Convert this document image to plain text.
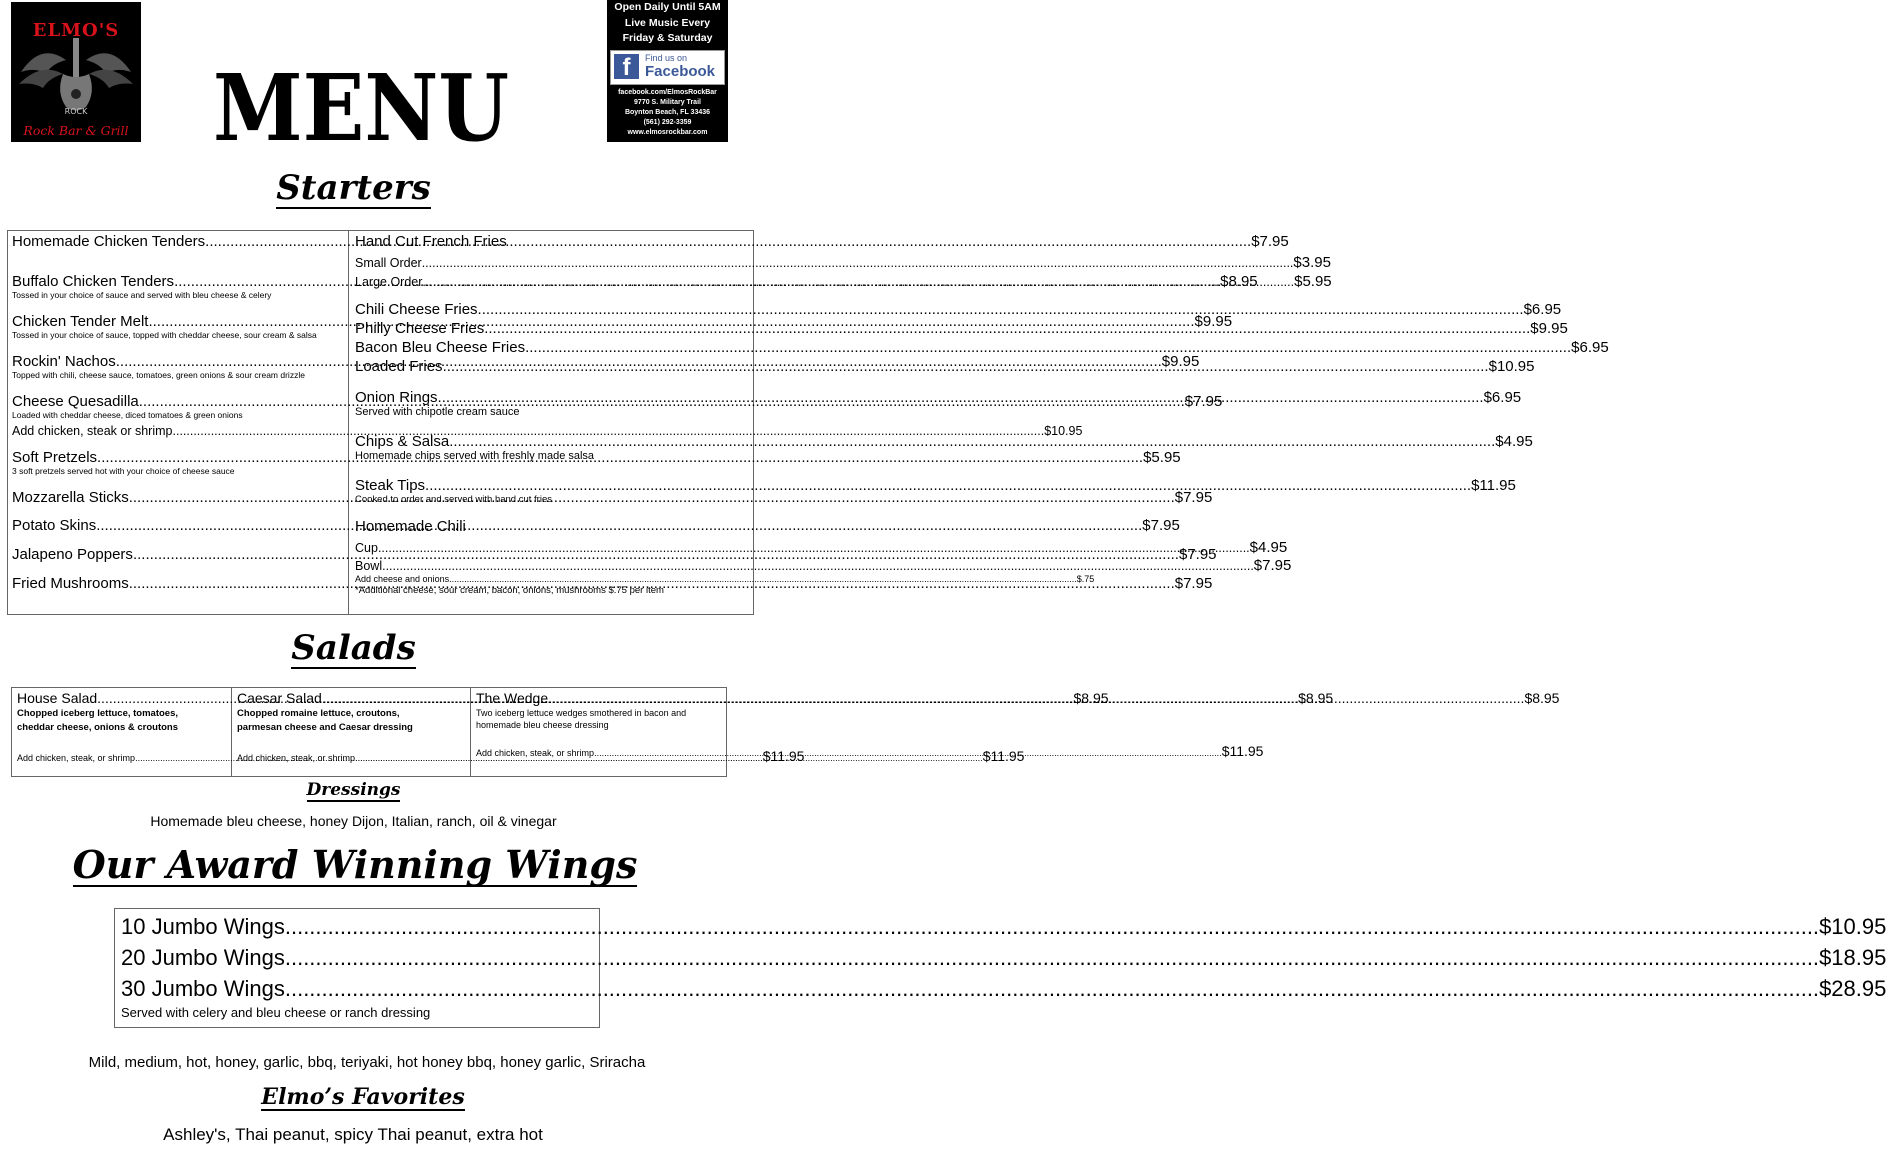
ROCK
ELMO'S
Rock Bar & Grill MENU
Open Daily Until 5AM
Live Music Every
Friday & Saturday
f	Find us on
Facebook
facebook.com/ElmosRockBar
9770 S. Military Trail
Boynton Beach, FL 33436
(561) 292-3359
www.elmosrockbar.com
Starters
Homemade Chicken Tenders .....	$7.95
Buffalo Chicken Tenders .....	$8.95
Tossed in your choice of sauce and served with bleu cheese & celery
Chicken Tender Melt .....	$9.95
Tossed in your choice of sauce, topped with cheddar cheese, sour cream & salsa
Rockin' Nachos .....	$9.95
Topped with chili, cheese sauce, tomatoes, green onions & sour cream drizzle
Cheese Quesadilla .....	$7.95
Loaded with cheddar cheese, diced tomatoes & green onions
Add chicken, steak or shrimp .....	$10.95
Soft Pretzels .....	$5.95
3 soft pretzels served hot with your choice of cheese sauce
Mozzarella Sticks .....	$7.95
Potato Skins .....	$7.95
Jalapeno Poppers .....	$7.95
Fried Mushrooms .....	$7.95
Hand Cut French Fries
Small Order .....	$3.95
Large Order .....	$5.95
Chili Cheese Fries .....	$6.95
Philly Cheese Fries .....	$9.95
Bacon Bleu Cheese Fries .....	$6.95
Loaded Fries .....	$10.95
Onion Rings .....	$6.95
Served with chipotle cream sauce
Chips & Salsa .....	$4.95
Homemade chips served with freshly made salsa
Steak Tips .....	$11.95
Cooked to order and served with hand cut fries
Homemade Chili
Cup .....	$4.95
Bowl .....	$7.95
Add cheese and onions .....	$.75
*Additional cheese, sour cream, bacon, onions, mushrooms $.75 per item
Salads
House Salad .....	$8.95
Chopped iceberg lettuce, tomatoes,
cheddar cheese, onions & croutons
Add chicken, steak, or shrimp .....	$11.95
Caesar Salad .....	$8.95
Chopped romaine lettuce, croutons,
parmesan cheese and Caesar dressing
Add chicken, steak, or shrimp .....	$11.95
The Wedge .....	$8.95
Two iceberg lettuce wedges smothered in bacon and
homemade bleu cheese dressing
Add chicken, steak, or shrimp .....	$11.95
Dressings
Homemade bleu cheese, honey Dijon, Italian, ranch, oil & vinegar
Our Award Winning Wings
10 Jumbo Wings .....	$10.95
20 Jumbo Wings .....	$18.95
30 Jumbo Wings .....	$28.95
Served with celery and bleu cheese or ranch dressing
Mild, medium, hot, honey, garlic, bbq, teriyaki, hot honey bbq, honey garlic, Sriracha
Elmo’s Favorites
Ashley's, Thai peanut, spicy Thai peanut, extra hot
